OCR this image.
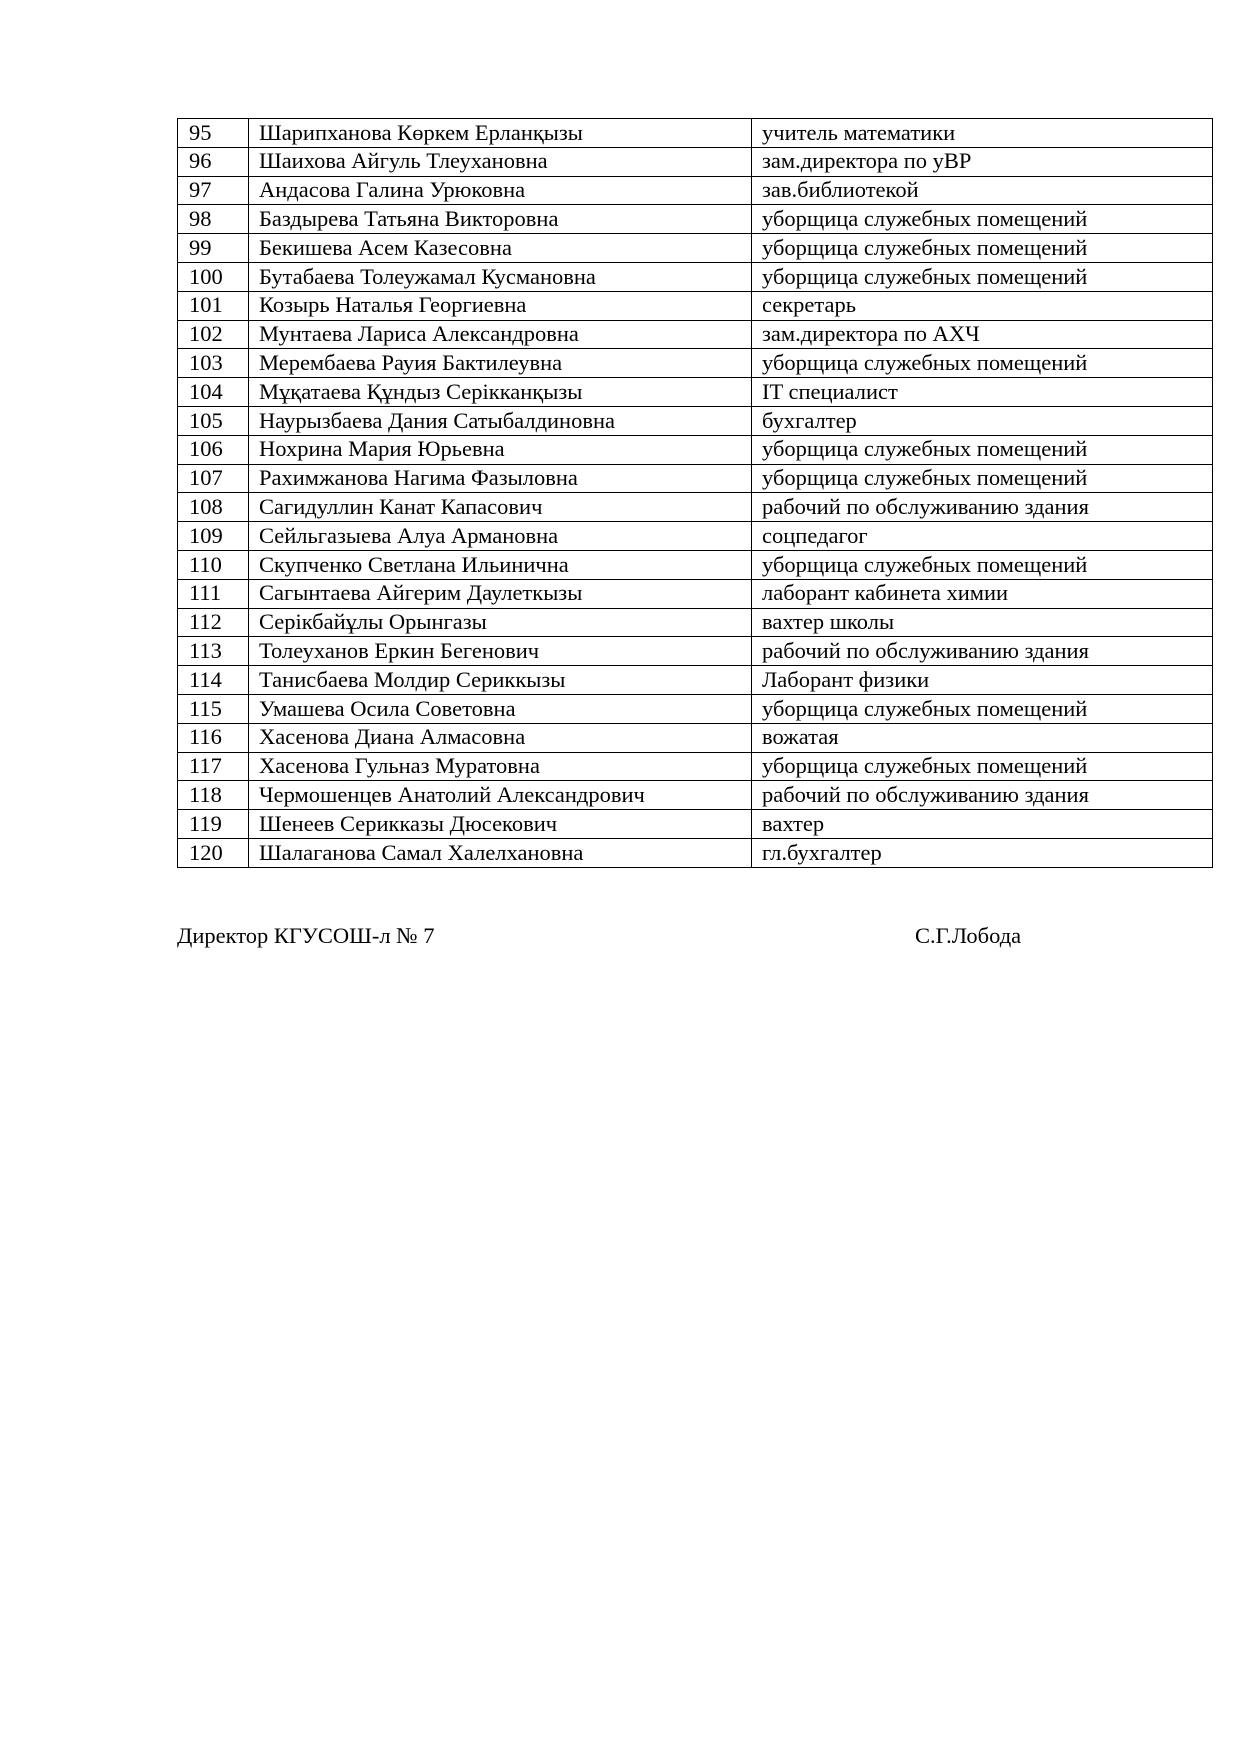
95	Шарипханова Көркем Ерланқызы	учитель математики
96	Шаихова Айгуль Тлеухановна	зам.директора по уВР
97	Андасова Галина Урюковна	зав.библиотекой
98	Баздырева Татьяна Викторовна	уборщица служебных помещений
99	Бекишева Асем Казесовна	уборщица служебных помещений
100	Бутабаева Толеужамал Кусмановна	уборщица служебных помещений
101	Козырь Наталья Георгиевна	секретарь
102	Мунтаева Лариса Александровна	зам.директора по АХЧ
103	Мерембаева Рауия Бактилеувна	уборщица служебных помещений
104	Мұқатаева Құндыз Серікканқызы	IT специалист
105	Наурызбаева Дания Сатыбалдиновна	бухгалтер
106	Нохрина Мария Юрьевна	уборщица служебных помещений
107	Рахимжанова Нагима Фазыловна	уборщица служебных помещений
108	Сагидуллин Канат Капасович	рабочий по обслуживанию здания
109	Сейльгазыева Алуа Армановна	соцпедагог
110	Скупченко Светлана Ильинична	уборщица служебных помещений
111	Сагынтаева Айгерим Даулеткызы	лаборант кабинета химии
112	Серікбайұлы Орынгазы	вахтер школы
113	Толеуханов Еркин Бегенович	рабочий по обслуживанию здания
114	Танисбаева Молдир Сериккызы	Лаборант физики
115	Умашева Осила Советовна	уборщица служебных помещений
116	Хасенова Диана Алмасовна	вожатая
117	Хасенова Гульназ Муратовна	уборщица служебных помещений
118	Чермошенцев Анатолий Александрович	рабочий по обслуживанию здания
119	Шенеев Серикказы Дюсекович	вахтер
120	Шалаганова Самал Халелхановна	гл.бухгалтер
Директор КГУСОШ-л № 7	С.Г.Лобода
